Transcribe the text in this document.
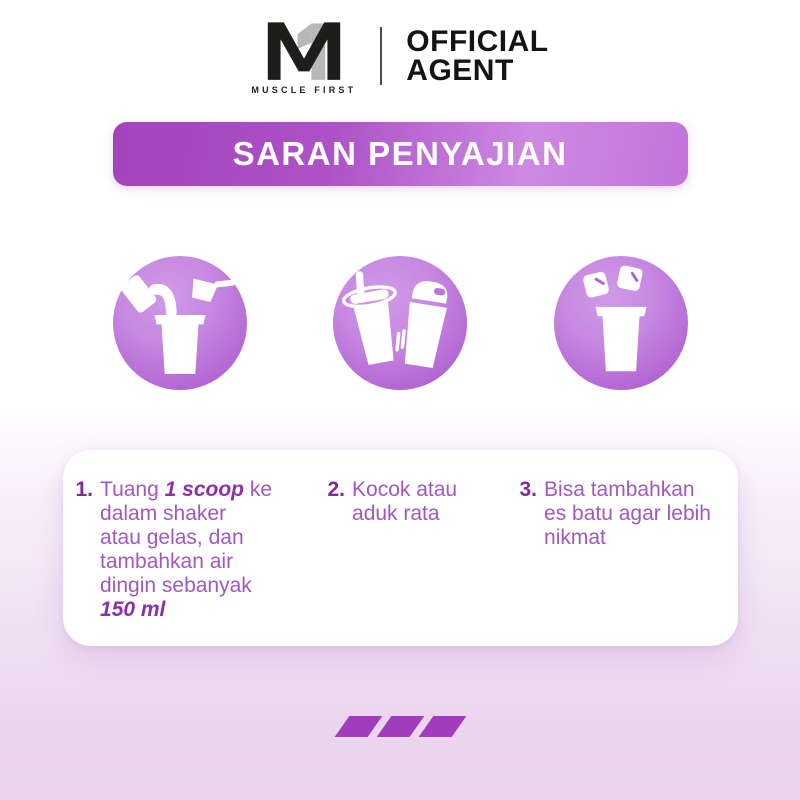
MUSCLE FIRST
OFFICIAL
AGENT
SARAN PENYAJIAN
1. Tuang 1 scoop ke dalam shaker atau gelas, dan tambahkan air dingin sebanyak 150 ml

2. Kocok atau aduk rata

3. Bisa tambahkan es batu agar lebih nikmat
